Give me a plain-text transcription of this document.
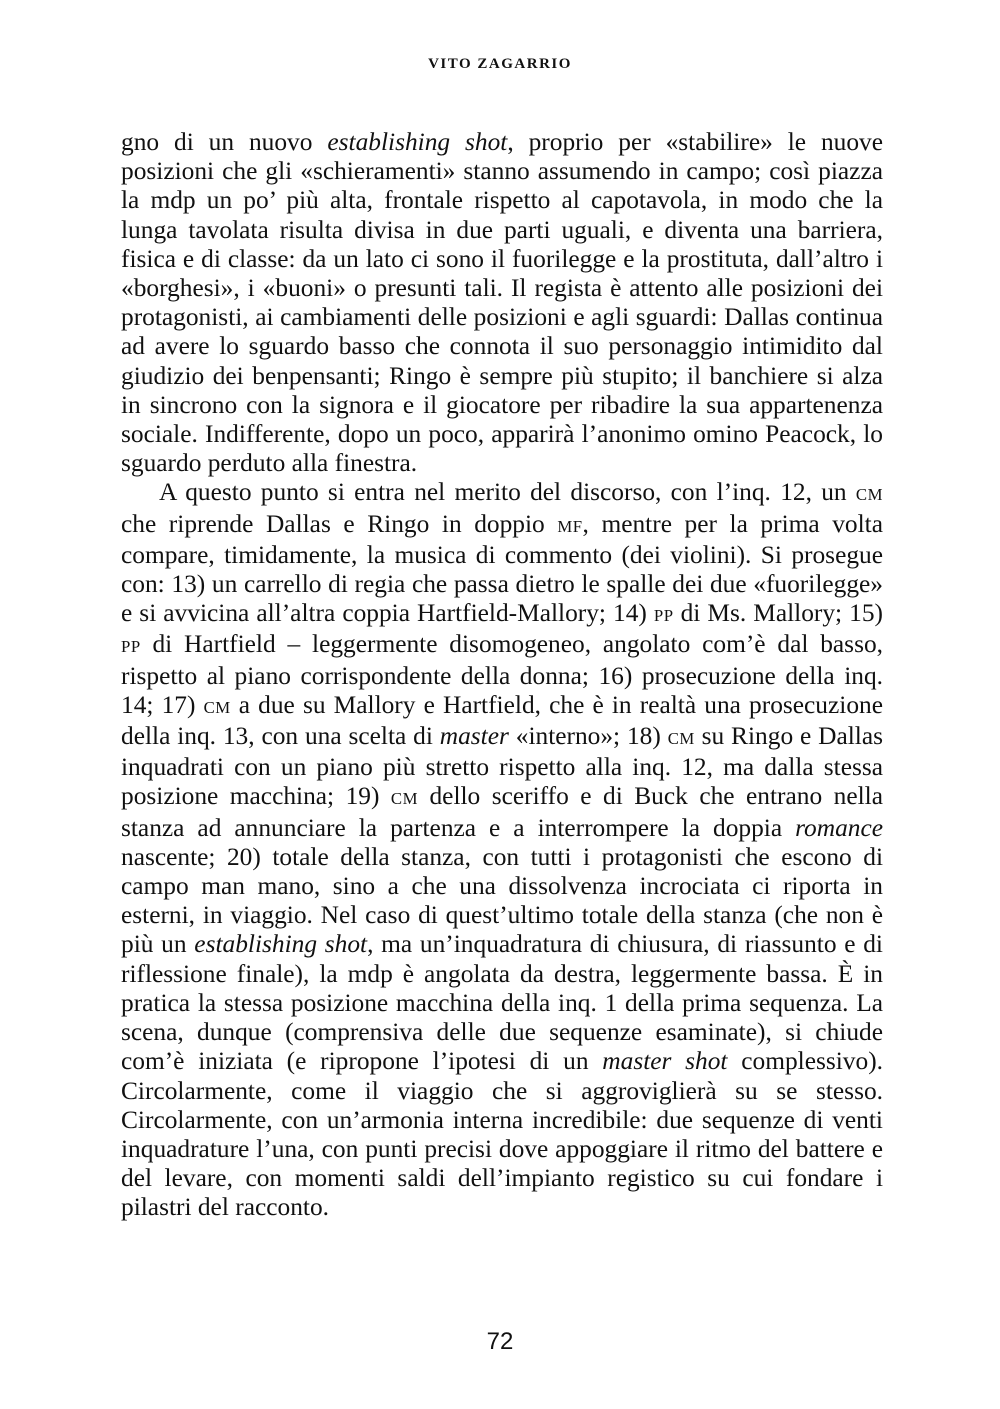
VITO ZAGARRIO

gno di un nuovo establishing shot, proprio per «stabilire» le nuove posizioni che gli «schieramenti» stanno assumendo in campo; così piazza la mdp un po’ più alta, frontale rispetto al capotavola, in modo che la lunga tavolata risulta divisa in due parti uguali, e diventa una barriera, fisica e di classe: da un lato ci sono il fuorilegge e la prostituta, dall’altro i «borghesi», i «buoni» o presunti tali. Il regista è attento alle posizioni dei protagonisti, ai cambiamenti delle posizioni e agli sguardi: Dallas continua ad avere lo sguardo basso che connota il suo personaggio intimidito dal giudizio dei benpensanti; Ringo è sempre più stupito; il banchiere si alza in sincrono con la signora e il giocatore per ribadire la sua appartenenza sociale. Indifferente, dopo un poco, apparirà l’anonimo omino Peacock, lo sguardo perduto alla finestra.

A questo punto si entra nel merito del discorso, con l’inq. 12, un CM che riprende Dallas e Ringo in doppio MF, mentre per la prima volta compare, timidamente, la musica di commento (dei violini). Si prosegue con: 13) un carrello di regia che passa dietro le spalle dei due «fuorilegge» e si avvicina all’altra coppia Hartfield-Mallory; 14) PP di Ms. Mallory; 15) PP di Hartfield – leggermente disomogeneo, angolato com’è dal basso, rispetto al piano corrispondente della donna; 16) prosecuzione della inq. 14; 17) CM a due su Mallory e Hartfield, che è in realtà una prosecuzione della inq. 13, con una scelta di master «interno»; 18) CM su Ringo e Dallas inquadrati con un piano più stretto rispetto alla inq. 12, ma dalla stessa posizione macchina; 19) CM dello sceriffo e di Buck che entrano nella stanza ad annunciare la partenza e a interrompere la doppia romance nascente; 20) totale della stanza, con tutti i protagonisti che escono di campo man mano, sino a che una dissolvenza incrociata ci riporta in esterni, in viaggio. Nel caso di quest’ultimo totale della stanza (che non è più un establishing shot, ma un’inquadratura di chiusura, di riassunto e di riflessione finale), la mdp è angolata da destra, leggermente bassa. È in pratica la stessa posizione macchina della inq. 1 della prima sequenza. La scena, dunque (comprensiva delle due sequenze esaminate), si chiude com’è iniziata (e ripropone l’ipotesi di un master shot complessivo). Circolarmente, come il viaggio che si aggroviglierà su se stesso. Circolarmente, con un’armonia interna incredibile: due sequenze di venti inquadrature l’una, con punti precisi dove appoggiare il ritmo del battere e del levare, con momenti saldi dell’impianto registico su cui fondare i pilastri del racconto.

72
